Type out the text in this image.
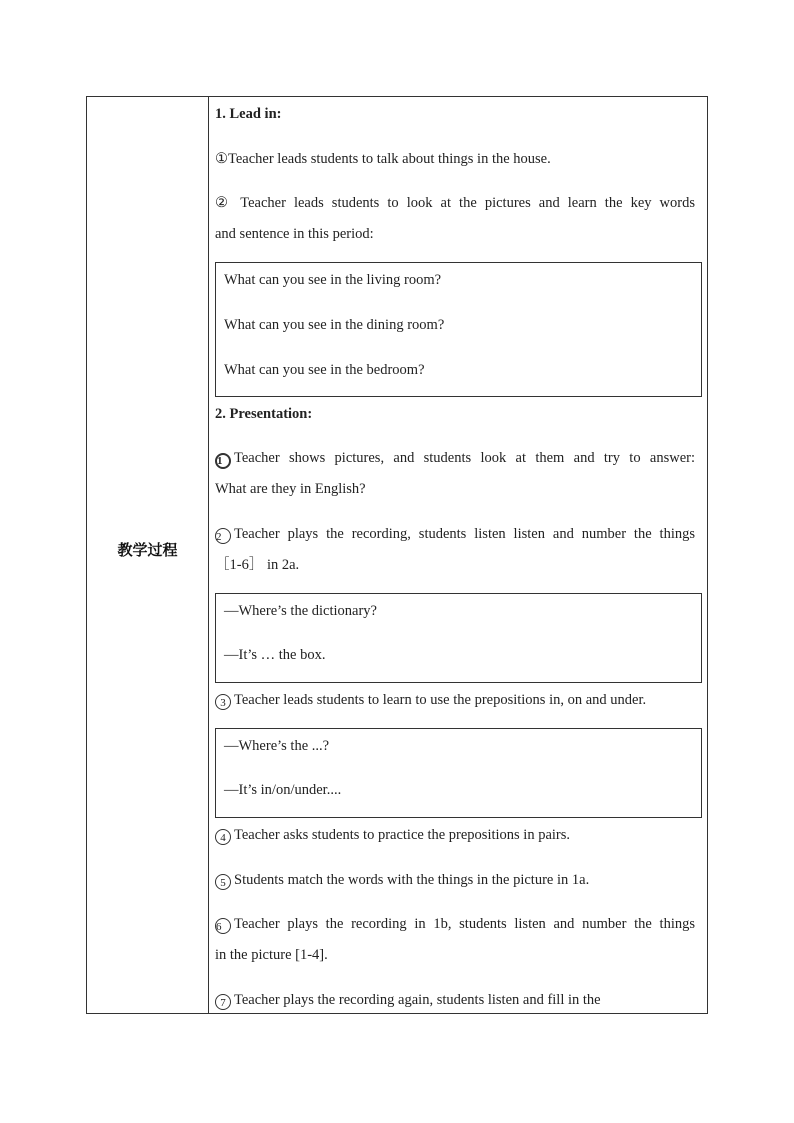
教学过程
1. Lead in:
①Teacher leads students to talk about things in the house.
② Teacher leads students to look at the pictures and learn the key words
and sentence in this period:
What can you see in the living room?
What can you see in the dining room?
What can you see in the bedroom?
2. Presentation:
1 Teacher shows pictures, and students look at them and try to answer:
What are they in English?
2 Teacher plays the recording, students listen listen and number the things
［1-6］ in 2a.
—Where’s the dictionary?
—It’s … the box.
3 Teacher leads students to learn to use the prepositions in, on and under.
—Where’s the ...?
—It’s in/on/under....
4 Teacher asks students to practice the prepositions in pairs.
5 Students match the words with the things in the picture in 1a.
6 Teacher plays the recording in 1b, students listen and number the things
in the picture [1-4].
7 Teacher plays the recording again, students listen and fill in the
